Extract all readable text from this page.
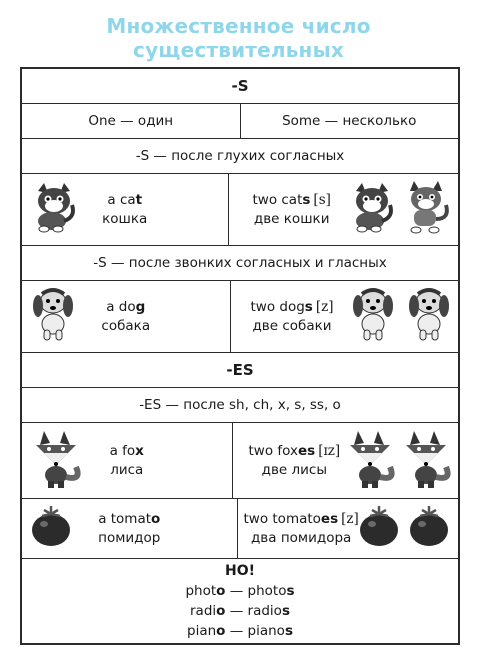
Множественное число существительных
-S
One — один	Some — несколько
-S — после глухих согласных
a cat
кошка
two cats [s]
две кошки
-S — после звонких согласных и гласных
a dog
собака
two dogs [z]
две собаки
-ES
-ES — после sh, ch, x, s, ss, o
a fox
лиса
two foxes [ɪz]
две лисы
a tomato
помидор
two tomatoes [z]
два помидора
НО!
photo — photos
radio — radios
piano — pianos
